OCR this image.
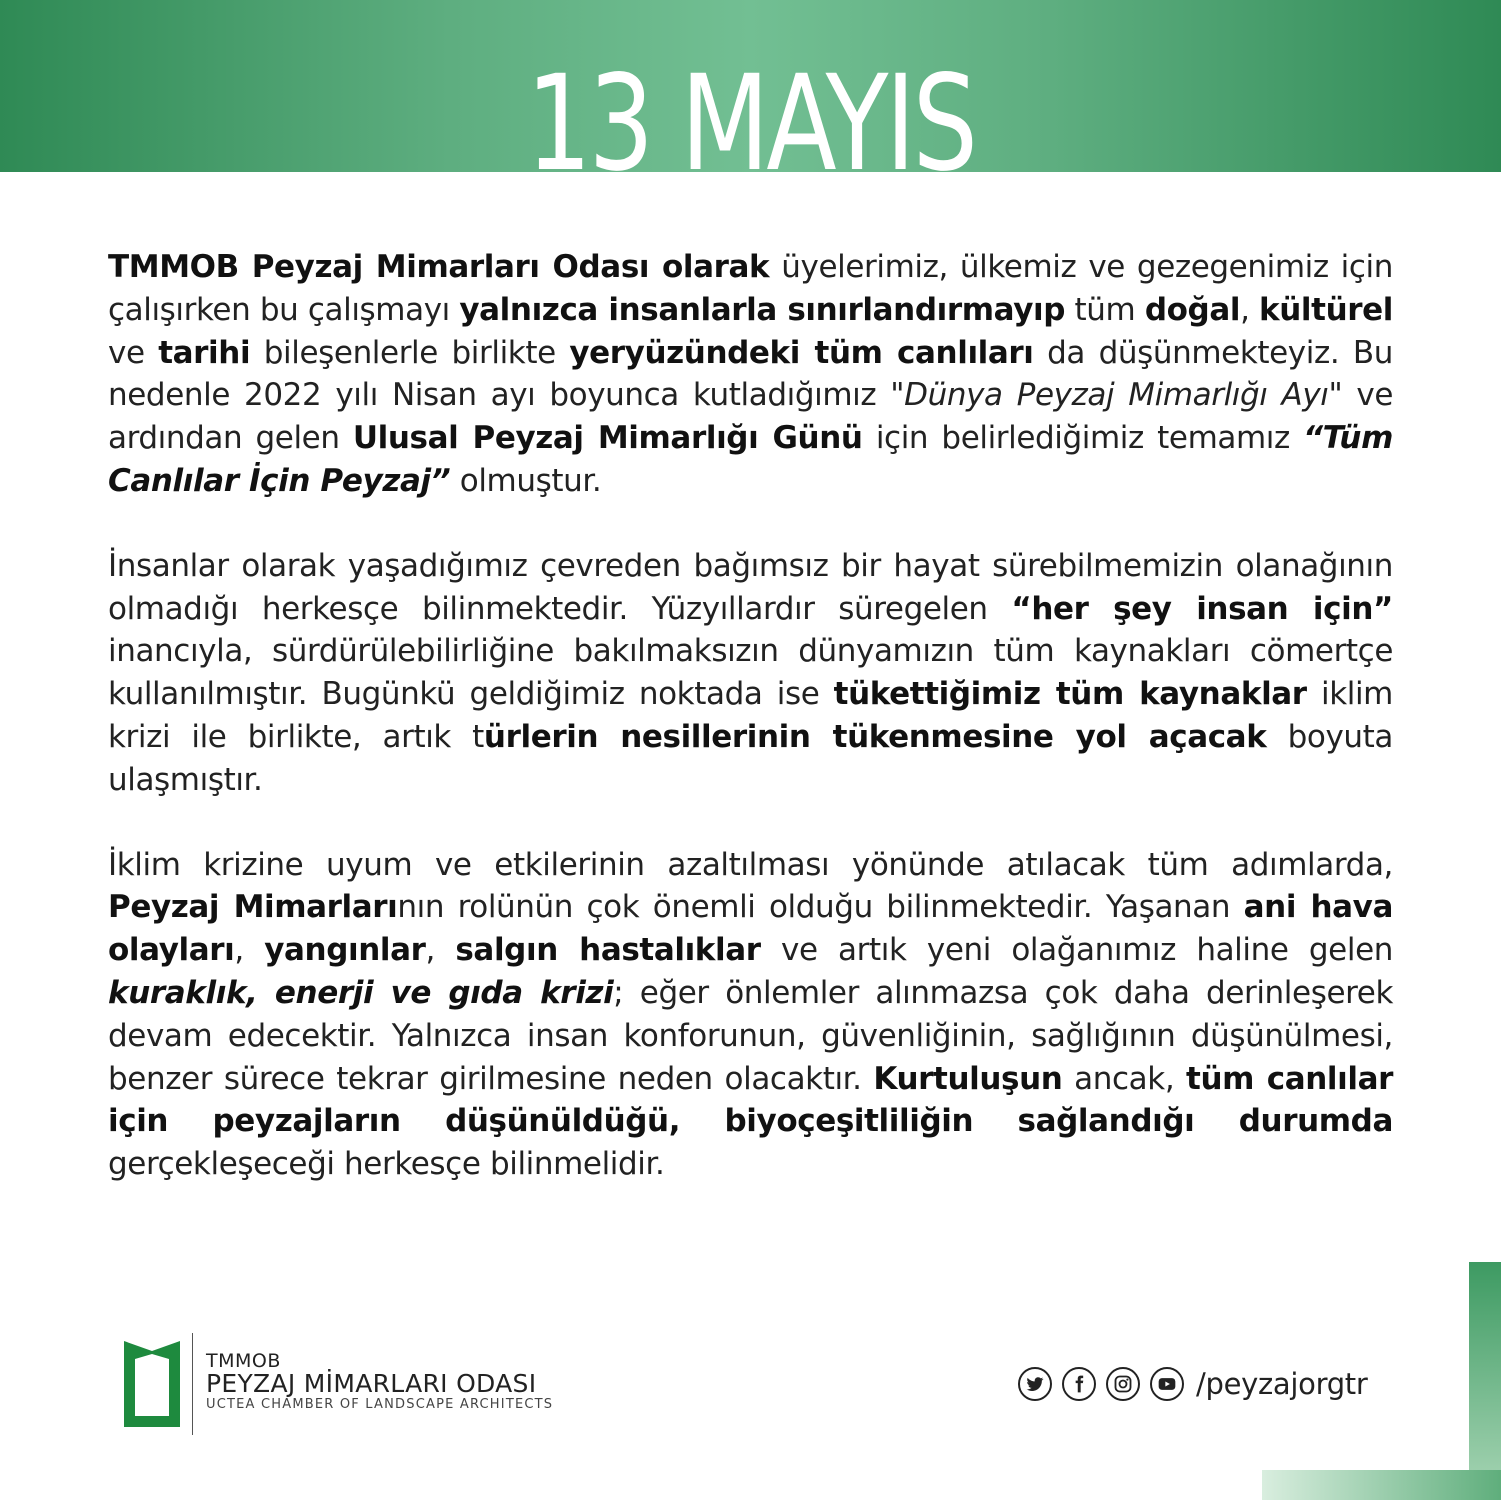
13 MAYIS

TMMOB Peyzaj Mimarları Odası olarak üyelerimiz, ülkemiz ve gezegenimiz için çalışırken bu çalışmayı yalnızca insanlarla sınırlandırmayıp tüm doğal, kültürel ve tarihi bileşenlerle birlikte yeryüzündeki tüm canlıları da düşünmekteyiz. Bu nedenle 2022 yılı Nisan ayı boyunca kutladığımız "Dünya Peyzaj Mimarlığı Ayı" ve ardından gelen Ulusal Peyzaj Mimarlığı Günü için belirlediğimiz temamız “Tüm Canlılar İçin Peyzaj” olmuştur.

İnsanlar olarak yaşadığımız çevreden bağımsız bir hayat sürebilmemizin olanağının olmadığı herkesçe bilinmektedir. Yüzyıllardır süregelen “her şey insan için” inancıyla, sürdürülebilirliğine bakılmaksızın dünyamızın tüm kaynakları cömertçe kullanılmıştır. Bugünkü geldiğimiz noktada ise tükettiğimiz tüm kaynaklar iklim krizi ile birlikte, artık türlerin nesillerinin tükenmesine yol açacak boyuta ulaşmıştır.

İklim krizine uyum ve etkilerinin azaltılması yönünde atılacak tüm adımlarda, Peyzaj Mimarlarının rolünün çok önemli olduğu bilinmektedir. Yaşanan ani hava olayları, yangınlar, salgın hastalıklar ve artık yeni olağanımız haline gelen kuraklık, enerji ve gıda krizi; eğer önlemler alınmazsa çok daha derinleşerek devam edecektir. Yalnızca insan konforunun, güvenliğinin, sağlığının düşünülmesi, benzer sürece tekrar girilmesine neden olacaktır. Kurtuluşun ancak, tüm canlılar için peyzajların düşünüldüğü, biyoçeşitliliğin sağlandığı durumda gerçekleşeceği herkesçe bilinmelidir.

TMMOB
PEYZAJ MİMARLARI ODASI
UCTEA CHAMBER OF LANDSCAPE ARCHITECTS
/peyzajorgtr
